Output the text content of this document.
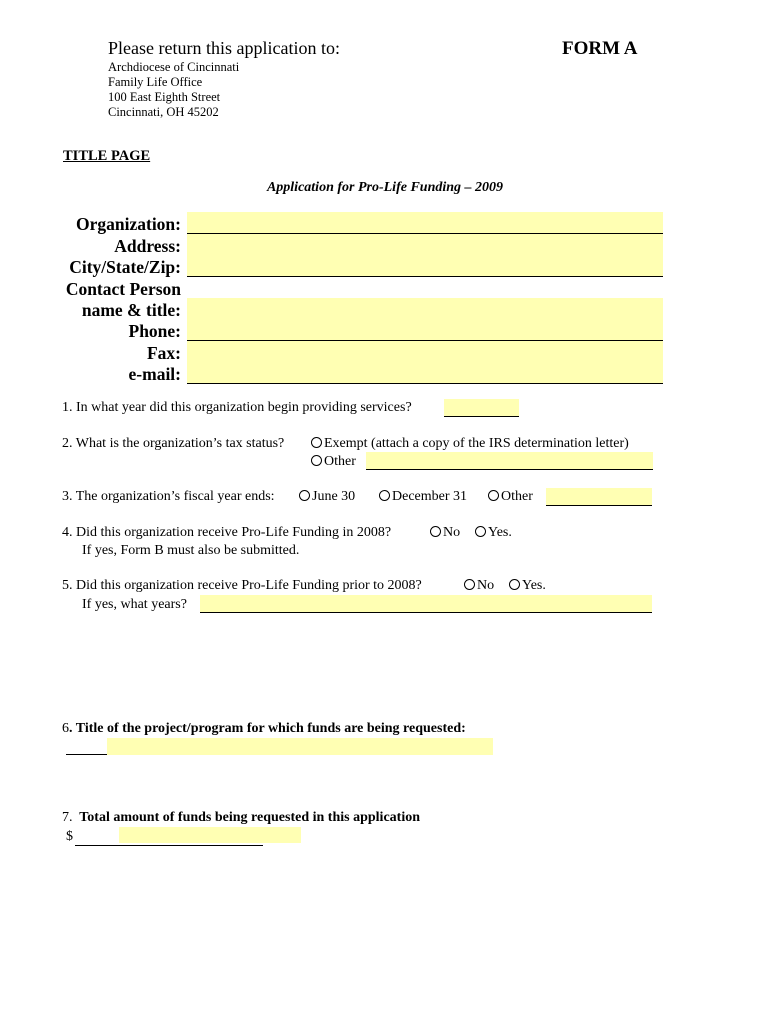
Please return this application to:	FORM A
Archdiocese of Cincinnati
Family Life Office
100 East Eighth Street
Cincinnati, OH 45202
TITLE PAGE
Application for Pro-Life Funding – 2009
Organization:
Address:
City/State/Zip:
Contact Person
name & title:
Phone:
Fax:
e-mail:
1. In what year did this organization begin providing services?
2. What is the organization’s tax status?	Exempt (attach a copy of the IRS determination letter)
Other
3. The organization’s fiscal year ends:	June 30	December 31	Other
4. Did this organization receive Pro-Life Funding in 2008?	No	Yes.
If yes, Form B must also be submitted.
5. Did this organization receive Pro-Life Funding prior to 2008?	No	Yes.
If yes, what years?
6. Title of the project/program for which funds are being requested:
7. Total amount of funds being requested in this application
$
